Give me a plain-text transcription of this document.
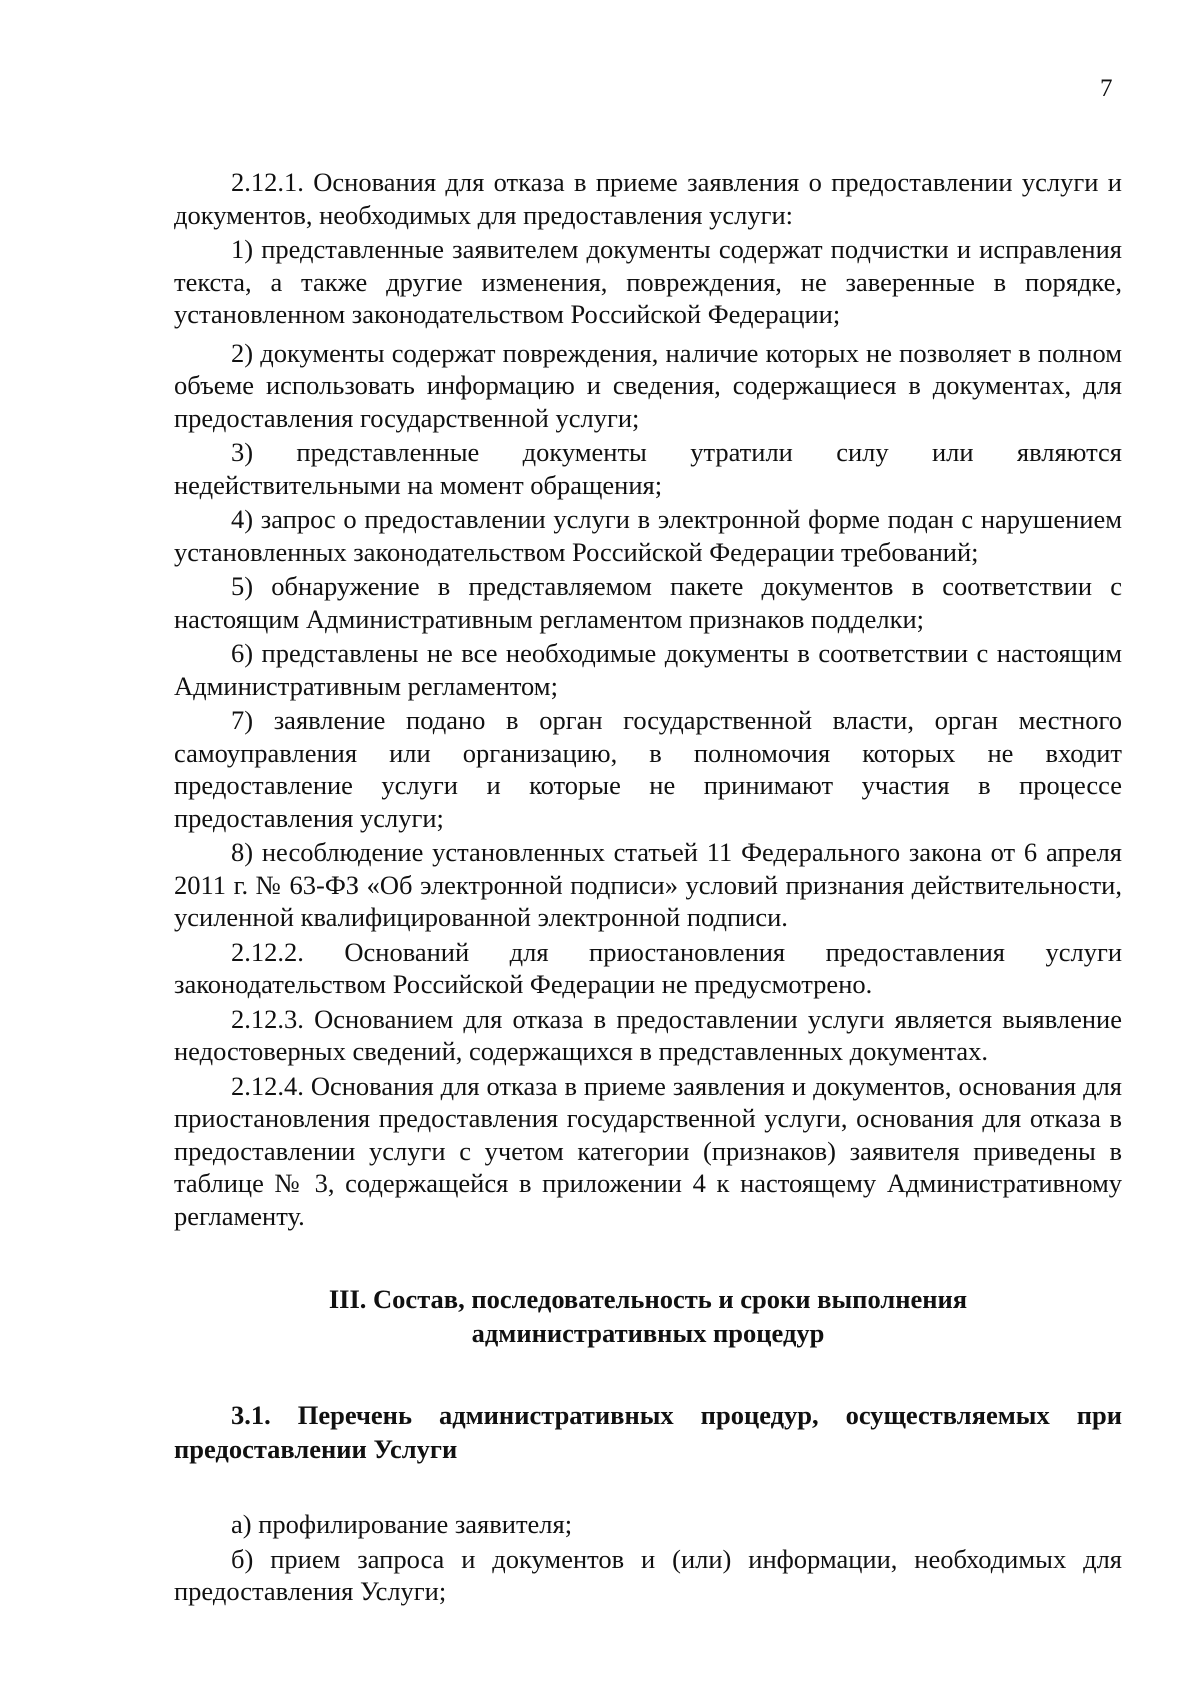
7

2.12.1. Основания для отказа в приеме заявления о предоставлении услуги и документов, необходимых для предоставления услуги:

1) представленные заявителем документы содержат подчистки и исправления текста, а также другие изменения, повреждения, не заверенные в порядке, установленном законодательством Российской Федерации;

2) документы содержат повреждения, наличие которых не позволяет в полном объеме использовать информацию и сведения, содержащиеся в документах, для предоставления государственной услуги;

3) представленные документы утратили силу или являются недействительными на момент обращения;

4) запрос о предоставлении услуги в электронной форме подан с нарушением установленных законодательством Российской Федерации требований;

5) обнаружение в представляемом пакете документов в соответствии с настоящим Административным регламентом признаков подделки;

6) представлены не все необходимые документы в соответствии с настоящим Административным регламентом;

7) заявление подано в орган государственной власти, орган местного самоуправления или организацию, в полномочия которых не входит предоставление услуги и которые не принимают участия в процессе предоставления услуги;

8) несоблюдение установленных статьей 11 Федерального закона от 6 апреля 2011 г. № 63-ФЗ «Об электронной подписи» условий признания действительности, усиленной квалифицированной электронной подписи.

2.12.2. Оснований для приостановления предоставления услуги законодательством Российской Федерации не предусмотрено.

2.12.3. Основанием для отказа в предоставлении услуги является выявление недостоверных сведений, содержащихся в представленных документах.

2.12.4. Основания для отказа в приеме заявления и документов, основания для приостановления предоставления государственной услуги, основания для отказа в предоставлении услуги с учетом категории (признаков) заявителя приведены в таблице № 3, содержащейся в приложении 4 к настоящему Административному регламенту.

III. Состав, последовательность и сроки выполнения
административных процедур

3.1. Перечень административных процедур, осуществляемых при предоставлении Услуги

а) профилирование заявителя;

б) прием запроса и документов и (или) информации, необходимых для предоставления Услуги;
